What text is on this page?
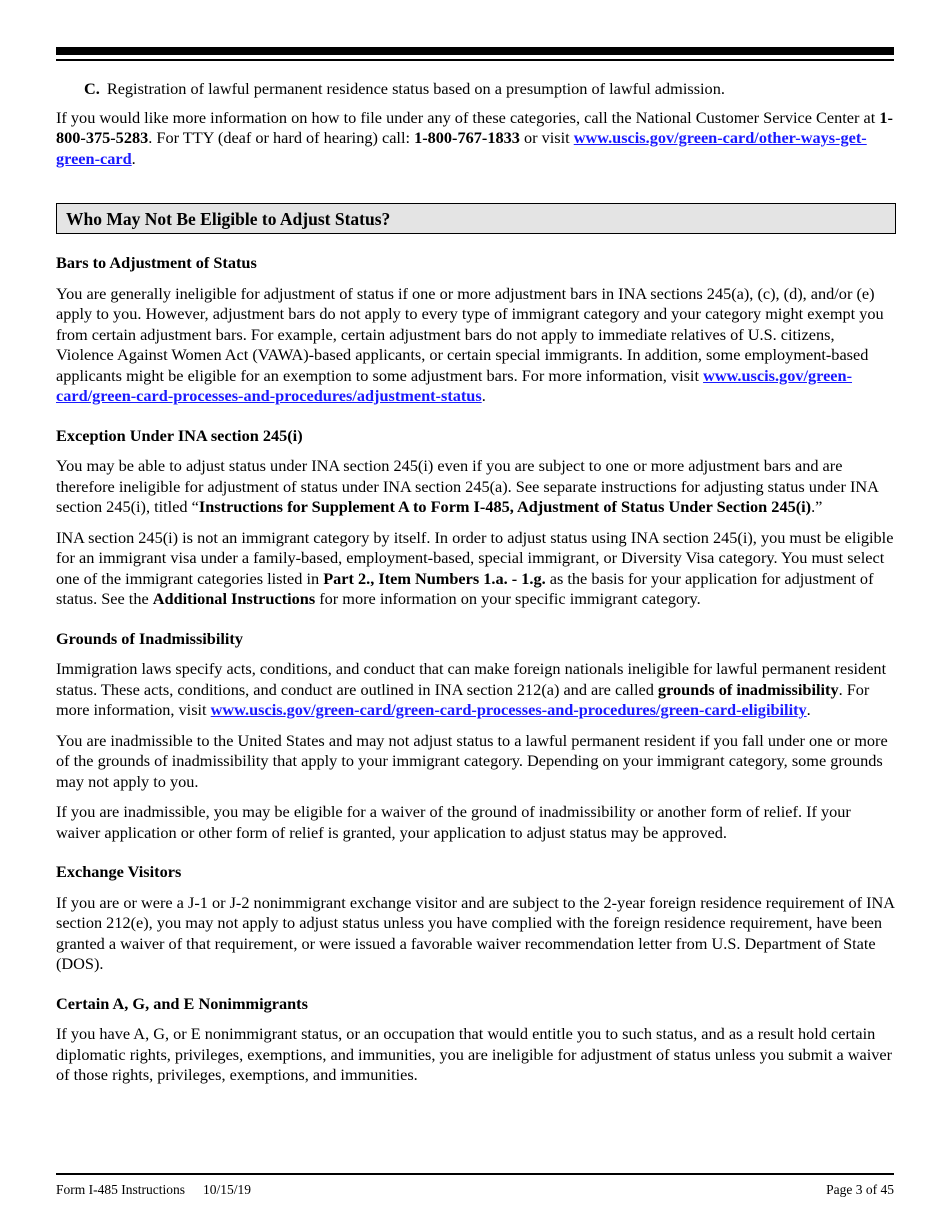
C. Registration of lawful permanent residence status based on a presumption of lawful admission.

If you would like more information on how to file under any of these categories, call the National Customer Service Center at 1-800-375-5283. For TTY (deaf or hard of hearing) call: 1-800-767-1833 or visit www.uscis.gov/green-card/other-ways-get-green-card.

Who May Not Be Eligible to Adjust Status?
Bars to Adjustment of Status

You are generally ineligible for adjustment of status if one or more adjustment bars in INA sections 245(a), (c), (d), and/or (e) apply to you. However, adjustment bars do not apply to every type of immigrant category and your category might exempt you from certain adjustment bars. For example, certain adjustment bars do not apply to immediate relatives of U.S. citizens, Violence Against Women Act (VAWA)-based applicants, or certain special immigrants. In addition, some employment-based applicants might be eligible for an exemption to some adjustment bars. For more information, visit www.uscis.gov/green-card/green-card-processes-and-procedures/adjustment-status.

Exception Under INA section 245(i)

You may be able to adjust status under INA section 245(i) even if you are subject to one or more adjustment bars and are therefore ineligible for adjustment of status under INA section 245(a). See separate instructions for adjusting status under INA section 245(i), titled “Instructions for Supplement A to Form I-485, Adjustment of Status Under Section 245(i).”

INA section 245(i) is not an immigrant category by itself. In order to adjust status using INA section 245(i), you must be eligible for an immigrant visa under a family-based, employment-based, special immigrant, or Diversity Visa category. You must select one of the immigrant categories listed in Part 2., Item Numbers 1.a. - 1.g. as the basis for your application for adjustment of status. See the Additional Instructions for more information on your specific immigrant category.

Grounds of Inadmissibility

Immigration laws specify acts, conditions, and conduct that can make foreign nationals ineligible for lawful permanent resident status. These acts, conditions, and conduct are outlined in INA section 212(a) and are called grounds of inadmissibility. For more information, visit www.uscis.gov/green-card/green-card-processes-and-procedures/green-card-eligibility.

You are inadmissible to the United States and may not adjust status to a lawful permanent resident if you fall under one or more of the grounds of inadmissibility that apply to your immigrant category. Depending on your immigrant category, some grounds may not apply to you.

If you are inadmissible, you may be eligible for a waiver of the ground of inadmissibility or another form of relief. If your waiver application or other form of relief is granted, your application to adjust status may be approved.

Exchange Visitors

If you are or were a J-1 or J-2 nonimmigrant exchange visitor and are subject to the 2-year foreign residence requirement of INA section 212(e), you may not apply to adjust status unless you have complied with the foreign residence requirement, have been granted a waiver of that requirement, or were issued a favorable waiver recommendation letter from U.S. Department of State (DOS).

Certain A, G, and E Nonimmigrants

If you have A, G, or E nonimmigrant status, or an occupation that would entitle you to such status, and as a result hold certain diplomatic rights, privileges, exemptions, and immunities, you are ineligible for adjustment of status unless you submit a waiver of those rights, privileges, exemptions, and immunities.

Form I-485 Instructions 10/15/19	Page 3 of 45
